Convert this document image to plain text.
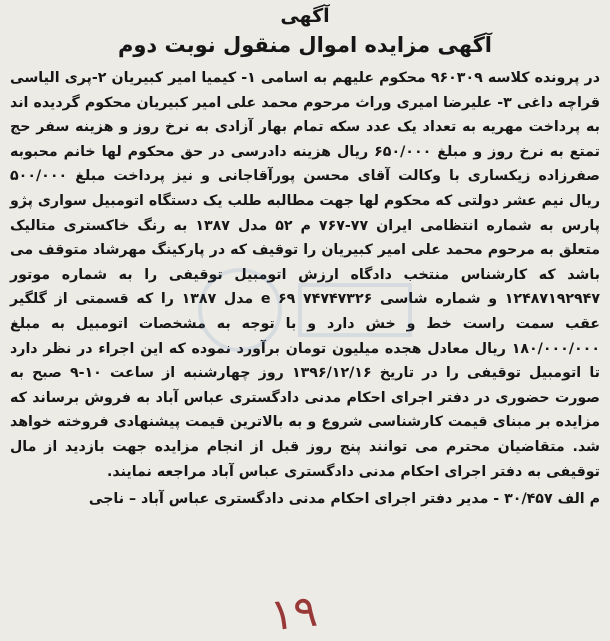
آگهی
آگهی مزایده اموال منقول نوبت دوم

در پرونده کلاسه ۹۶۰۳۰۹ محکوم علیهم به اسامی ۱- کیمیا امیر کبیریان ۲-پری الیاسی قراچه داغی ۳- علیرضا امیری وراث مرحوم محمد علی امیر کبیریان محکوم گردیده اند به پرداخت مهریه به تعداد یک عدد سکه تمام بهار آزادی به نرخ روز و هزینه سفر حج تمتع به نرخ روز و مبلغ ۶۵۰/۰۰۰ ریال هزینه دادرسی در حق محکوم لها خانم محبوبه صفرزاده زیکساری با وکالت آقای محسن پورآقاجانی و نیز پرداخت مبلغ ۵۰۰/۰۰۰ ریال نیم عشر دولتی که محکوم لها جهت مطالبه طلب یک دستگاه اتومبیل سواری پژو پارس به شماره انتظامی ایران ۷۷-۷۶۷ م ۵۲ مدل ۱۳۸۷ به رنگ خاکستری متالیک متعلق به مرحوم محمد علی امیر کبیریان را توقیف که در پارکینگ مهرشاد متوقف می باشد که کارشناس منتخب دادگاه ارزش اتومبیل توقیفی را به شماره موتور ۱۲۴۸۷۱۹۲۹۴۷ و شماره شاسی ۷۴۷۴۷۳۲۶ e ۶۹ مدل ۱۳۸۷ را که قسمتی از گلگیر عقب سمت راست خط و خش دارد و با توجه به مشخصات اتومبیل به مبلغ ۱۸۰/۰۰۰/۰۰۰ ریال معادل هجده میلیون تومان برآورد نموده که این اجراء در نظر دارد تا اتومبیل توقیفی را در تاریخ ۱۳۹۶/۱۲/۱۶ روز چهارشنبه از ساعت ۱۰-۹ صبح به صورت حضوری در دفتر اجرای احکام مدنی دادگستری عباس آباد به فروش برساند که مزایده بر مبنای قیمت کارشناسی شروع و به بالاترین قیمت پیشنهادی فروخته خواهد شد. متقاضیان محترم می توانند پنج روز قبل از انجام مزایده جهت بازدید از مال توقیفی به دفتر اجرای احکام مدنی دادگستری عباس آباد مراجعه نمایند.

م الف ۳۰/۴۵۷ - مدیر دفتر اجرای احکام مدنی دادگستری عباس آباد – ناجی
۱۹
